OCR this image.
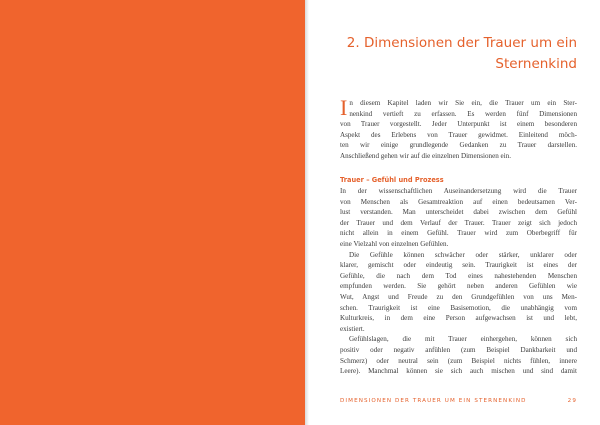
2. Dimensionen der Trauer um ein
Sternenkind
I n diesem Kapitel laden wir Sie ein, die Trauer um ein Ster-
nenkind vertieft zu erfassen. Es werden fünf Dimensionen
von Trauer vorgestellt. Jeder Unterpunkt ist einem besonderen
Aspekt des Erlebens von Trauer gewidmet. Einleitend möch-
ten wir einige grundlegende Gedanken zu Trauer darstellen.
Anschließend gehen wir auf die einzelnen Dimensionen ein.
Trauer – Gefühl und Prozess
In der wissenschaftlichen Auseinandersetzung wird die Trauer
von Menschen als Gesamtreaktion auf einen bedeutsamen Ver-
lust verstanden. Man unterscheidet dabei zwischen dem Gefühl
der Trauer und dem Verlauf der Trauer. Trauer zeigt sich jedoch
nicht allein in einem Gefühl. Trauer wird zum Oberbegriff für
eine Vielzahl von einzelnen Gefühlen.
Die Gefühle können schwächer oder stärker, unklarer oder
klarer, gemischt oder eindeutig sein. Traurigkeit ist eines der
Gefühle, die nach dem Tod eines nahestehenden Menschen
empfunden werden. Sie gehört neben anderen Gefühlen wie
Wut, Angst und Freude zu den Grundgefühlen von uns Men-
schen. Traurigkeit ist eine Basisemotion, die unabhängig vom
Kulturkreis, in dem eine Person aufgewachsen ist und lebt,
existiert.
Gefühlslagen, die mit Trauer einhergehen, können sich
positiv oder negativ anfühlen (zum Beispiel Dankbarkeit und
Schmerz) oder neutral sein (zum Beispiel nichts fühlen, innere
Leere). Manchmal können sie sich auch mischen und sind damit
DIMENSIONEN DER TRAUER UM EIN STERNENKIND	29
